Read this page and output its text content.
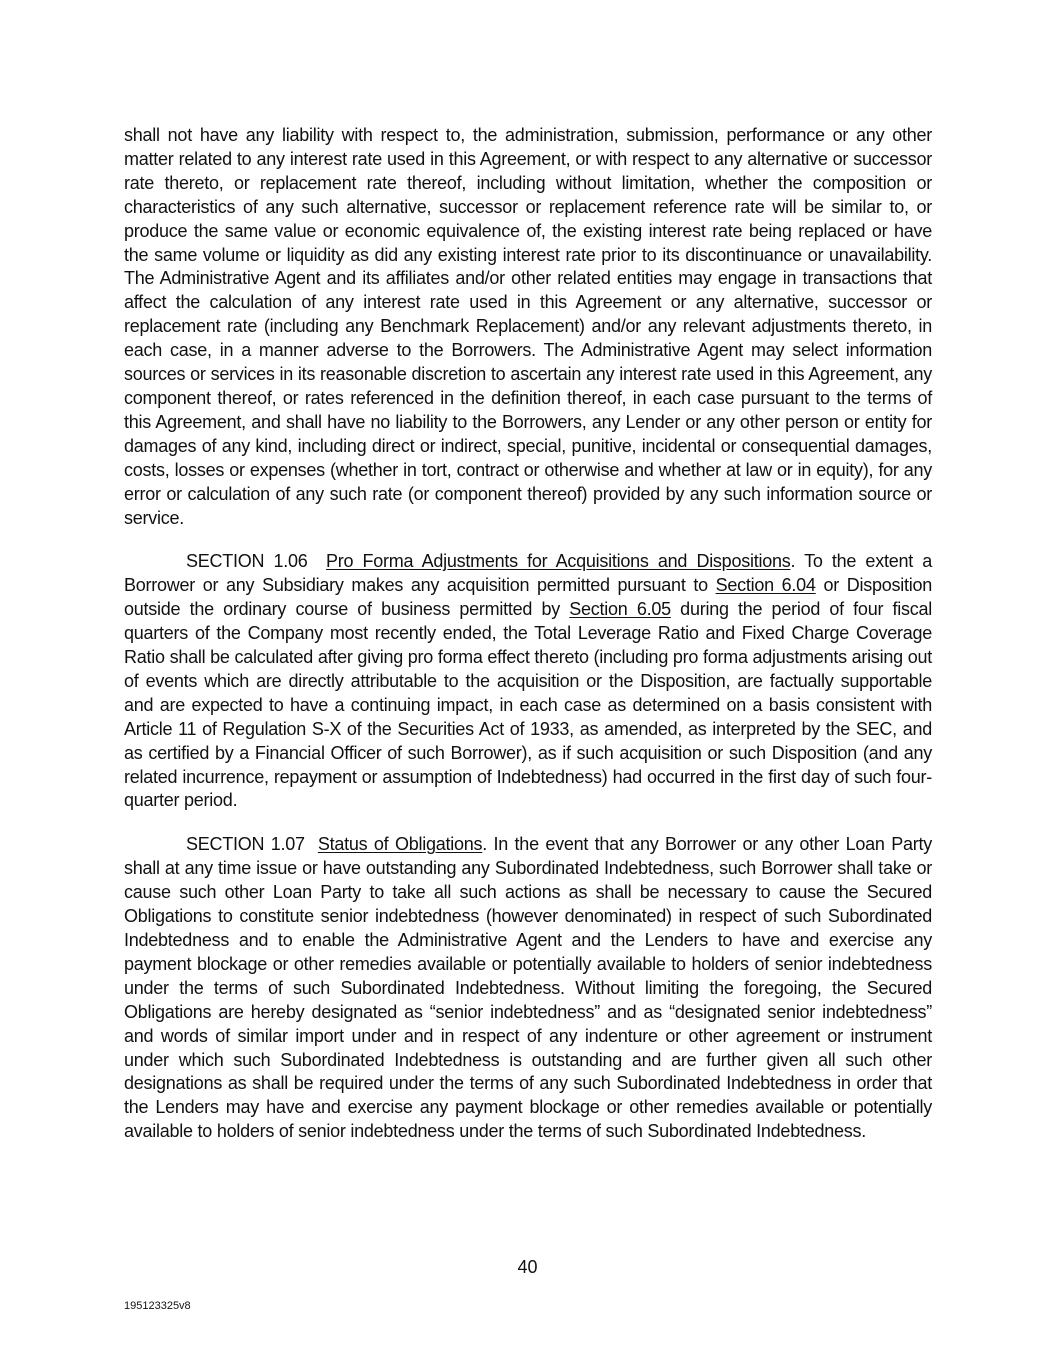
shall not have any liability with respect to, the administration, submission, performance or any other matter related to any interest rate used in this Agreement, or with respect to any alternative or successor rate thereto, or replacement rate thereof, including without limitation, whether the composition or characteristics of any such alternative, successor or replacement reference rate will be similar to, or produce the same value or economic equivalence of, the existing interest rate being replaced or have the same volume or liquidity as did any existing interest rate prior to its discontinuance or unavailability. The Administrative Agent and its affiliates and/or other related entities may engage in transactions that affect the calculation of any interest rate used in this Agreement or any alternative, successor or replacement rate (including any Benchmark Replacement) and/or any relevant adjustments thereto, in each case, in a manner adverse to the Borrowers. The Administrative Agent may select information sources or services in its reasonable discretion to ascertain any interest rate used in this Agreement, any component thereof, or rates referenced in the definition thereof, in each case pursuant to the terms of this Agreement, and shall have no liability to the Borrowers, any Lender or any other person or entity for damages of any kind, including direct or indirect, special, punitive, incidental or consequential damages, costs, losses or expenses (whether in tort, contract or otherwise and whether at law or in equity), for any error or calculation of any such rate (or component thereof) provided by any such information source or service.

SECTION 1.06 Pro Forma Adjustments for Acquisitions and Dispositions. To the extent a Borrower or any Subsidiary makes any acquisition permitted pursuant to Section 6.04 or Disposition outside the ordinary course of business permitted by Section 6.05 during the period of four fiscal quarters of the Company most recently ended, the Total Leverage Ratio and Fixed Charge Coverage Ratio shall be calculated after giving pro forma effect thereto (including pro forma adjustments arising out of events which are directly attributable to the acquisition or the Disposition, are factually supportable and are expected to have a continuing impact, in each case as determined on a basis consistent with Article 11 of Regulation S-X of the Securities Act of 1933, as amended, as interpreted by the SEC, and as certified by a Financial Officer of such Borrower), as if such acquisition or such Disposition (and any related incurrence, repayment or assumption of Indebtedness) had occurred in the first day of such four-quarter period.

SECTION 1.07 Status of Obligations. In the event that any Borrower or any other Loan Party shall at any time issue or have outstanding any Subordinated Indebtedness, such Borrower shall take or cause such other Loan Party to take all such actions as shall be necessary to cause the Secured Obligations to constitute senior indebtedness (however denominated) in respect of such Subordinated Indebtedness and to enable the Administrative Agent and the Lenders to have and exercise any payment blockage or other remedies available or potentially available to holders of senior indebtedness under the terms of such Subordinated Indebtedness. Without limiting the foregoing, the Secured Obligations are hereby designated as “senior indebtedness” and as “designated senior indebtedness” and words of similar import under and in respect of any indenture or other agreement or instrument under which such Subordinated Indebtedness is outstanding and are further given all such other designations as shall be required under the terms of any such Subordinated Indebtedness in order that the Lenders may have and exercise any payment blockage or other remedies available or potentially available to holders of senior indebtedness under the terms of such Subordinated Indebtedness.

40
195123325v8
